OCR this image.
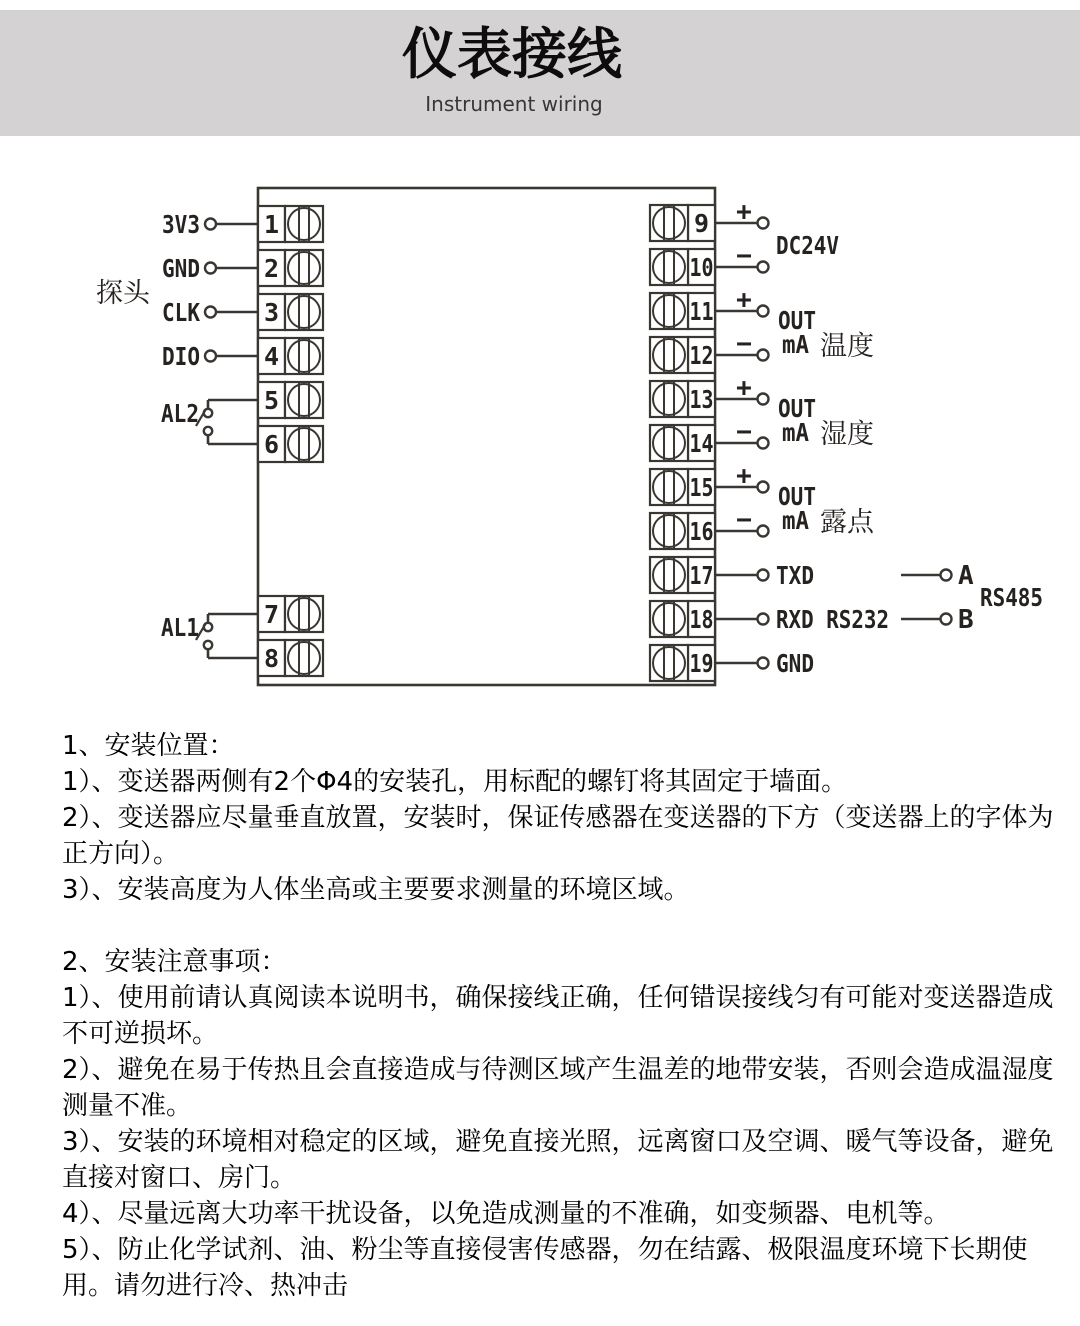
仪表接线
Instrument wiring
1
3V3
2
GND
3
CLK
4
DIO
探头
5
6
AL2
7
8
AL1
9
10
11
12
13
14
15
16
17
18
19
+
− DC24V
+
−
OUT
mA 温度
+
−
OUT
mA 湿度
+
−
OUT
mA 露点
TXD
RXD RS232
GND
A
B
RS485
1、安装位置：

1）、变送器两侧有2个Φ4的安装孔，用标配的螺钉将其固定于墙面。

2）、变送器应尽量垂直放置，安装时，保证传感器在变送器的下方（变送器上的字体为正方向）。

3）、安装高度为人体坐高或主要要求测量的环境区域。

2、安装注意事项：

1）、使用前请认真阅读本说明书，确保接线正确，任何错误接线匀有可能对变送器造成不可逆损坏。

2）、避免在易于传热且会直接造成与待测区域产生温差的地带安装，否则会造成温湿度测量不准。

3）、安装的环境相对稳定的区域，避免直接光照，远离窗口及空调、暖气等设备，避免直接对窗口、房门。

4）、尽量远离大功率干扰设备，以免造成测量的不准确，如变频器、电机等。

5）、防止化学试剂、油、粉尘等直接侵害传感器，勿在结露、极限温度环境下长期使用。请勿进行冷、热冲击
